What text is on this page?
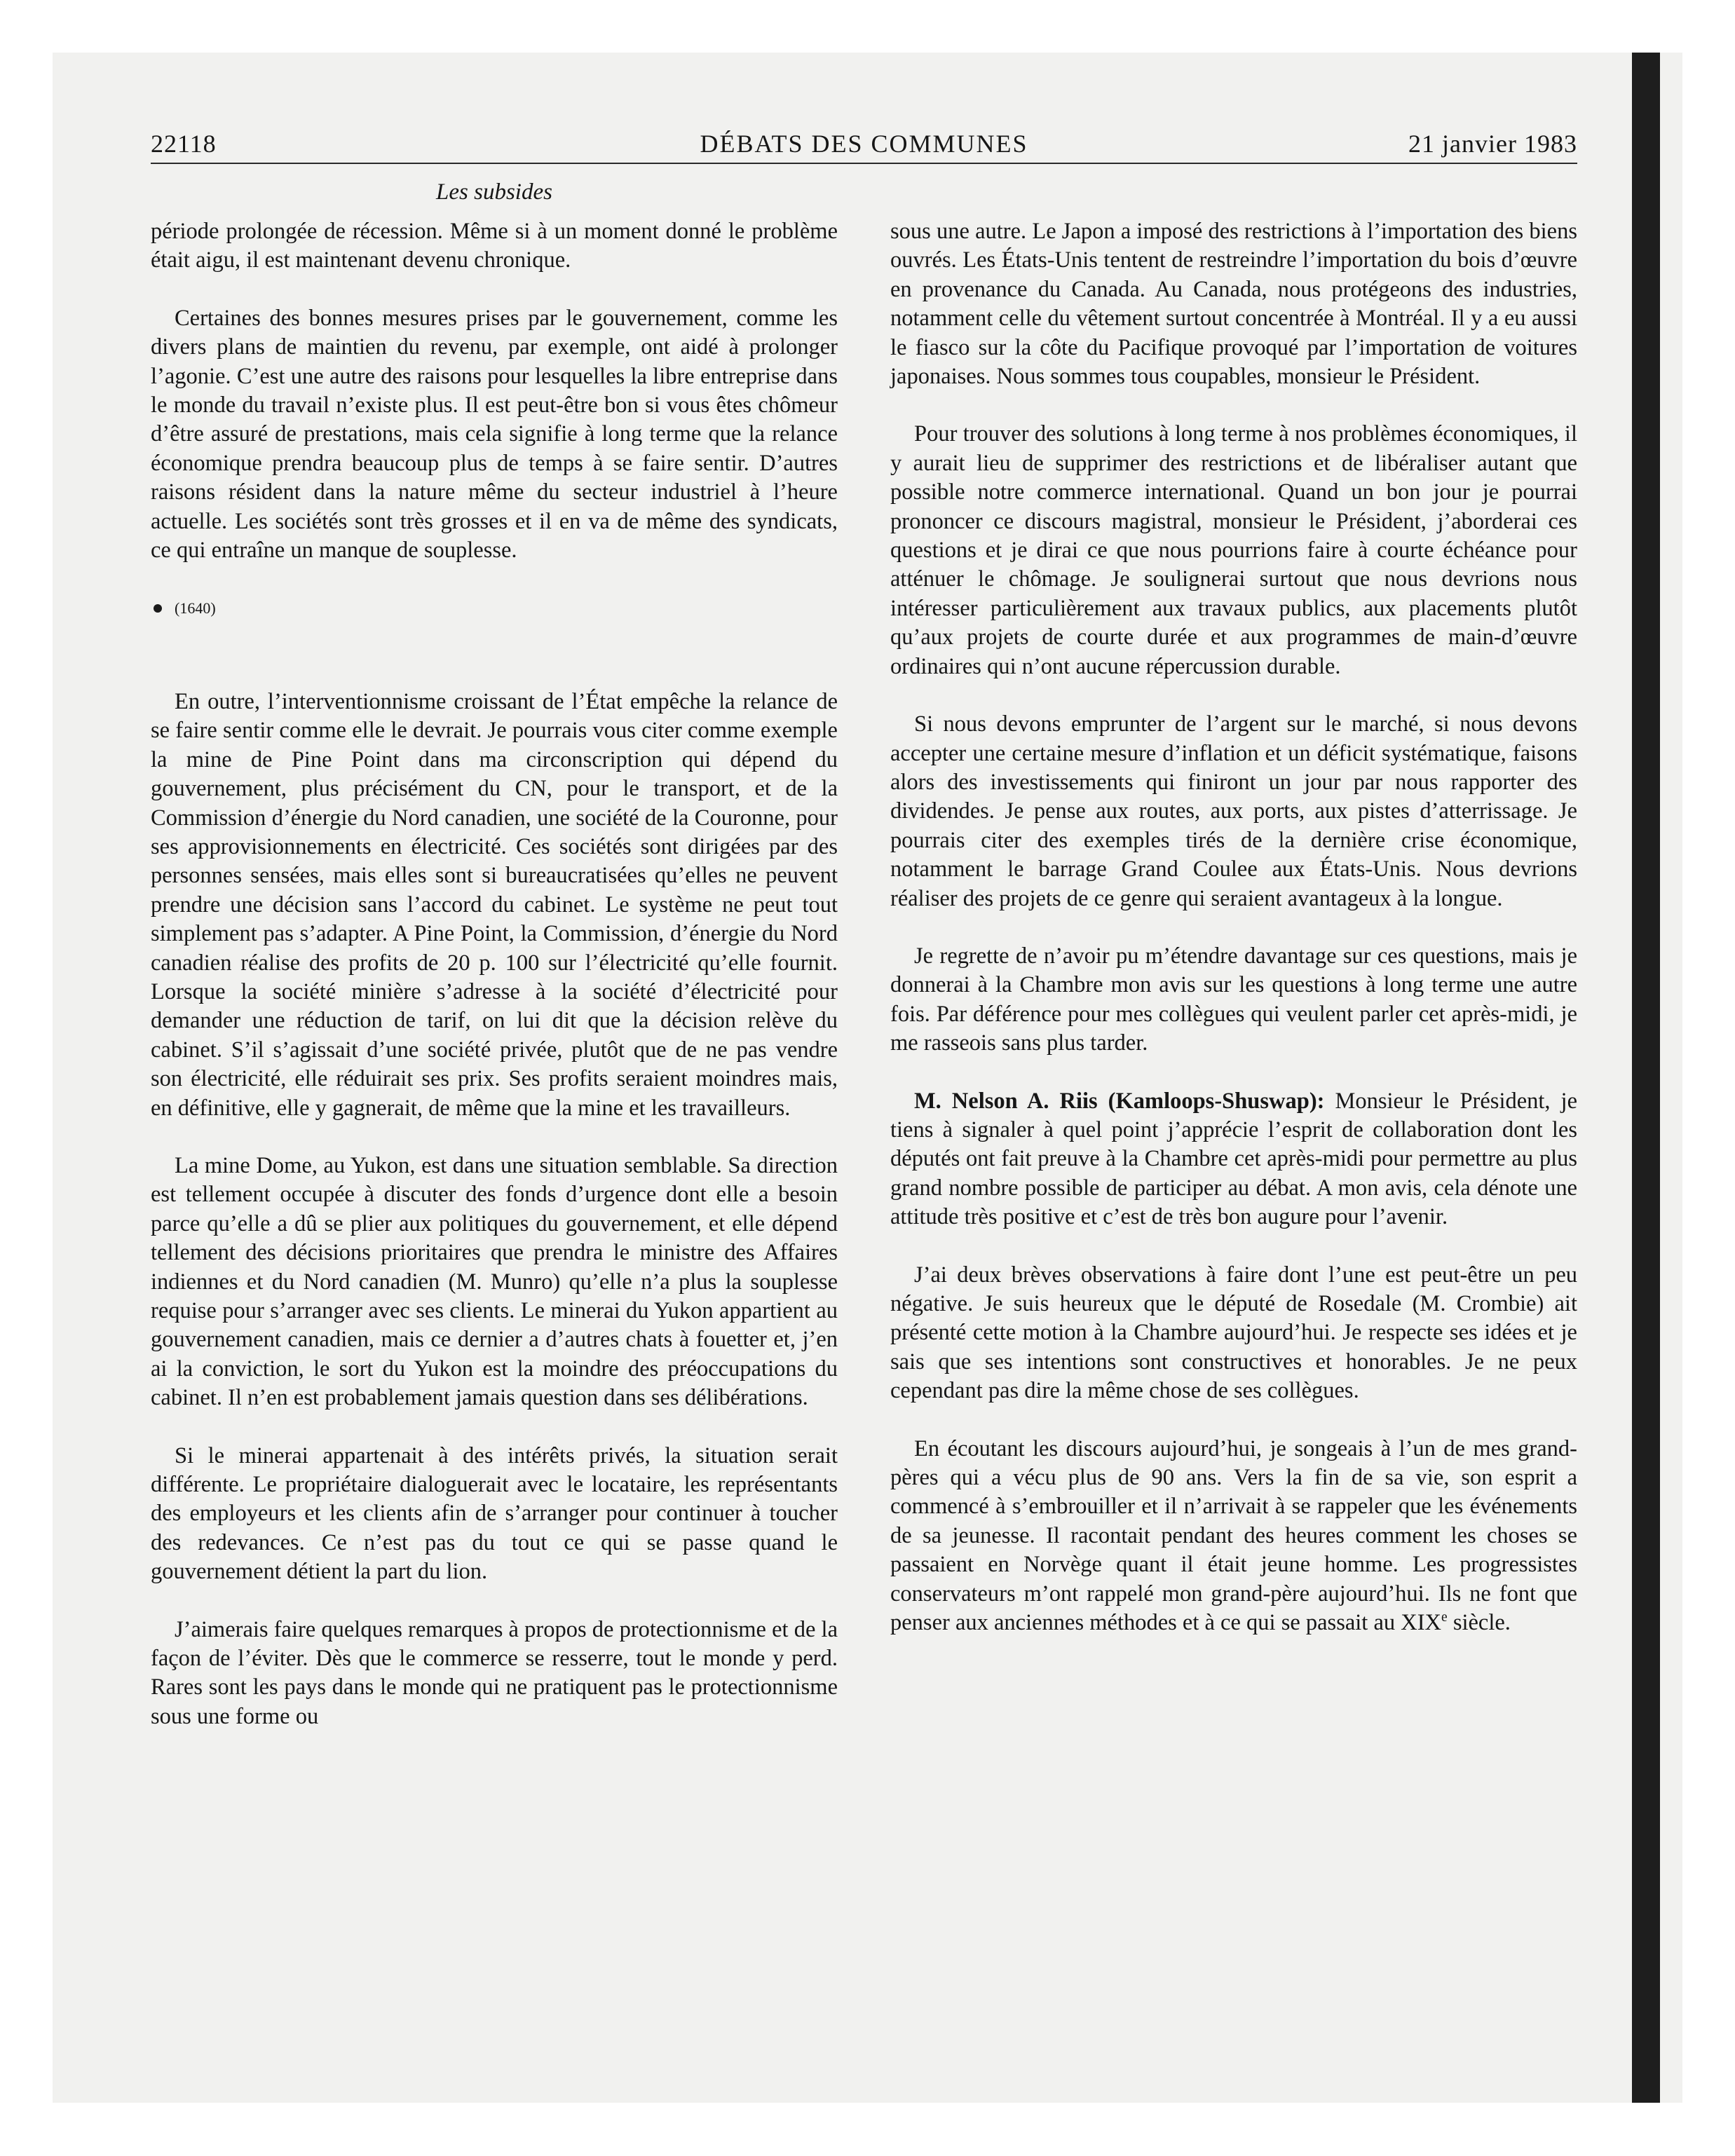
22118	DÉBATS DES COMMUNES	21 janvier 1983
Les subsides

période prolongée de récession. Même si à un moment donné le problème était aigu, il est maintenant devenu chronique.

Certaines des bonnes mesures prises par le gouvernement, comme les divers plans de maintien du revenu, par exemple, ont aidé à prolonger l’agonie. C’est une autre des raisons pour lesquelles la libre entreprise dans le monde du travail n’existe plus. Il est peut-être bon si vous êtes chômeur d’être assuré de prestations, mais cela signifie à long terme que la relance économique prendra beaucoup plus de temps à se faire sentir. D’autres raisons résident dans la nature même du secteur industriel à l’heure actuelle. Les sociétés sont très grosses et il en va de même des syndicats, ce qui entraîne un manque de souplesse.

(1640)

En outre, l’interventionnisme croissant de l’État empêche la relance de se faire sentir comme elle le devrait. Je pourrais vous citer comme exemple la mine de Pine Point dans ma circonscription qui dépend du gouvernement, plus précisément du CN, pour le transport, et de la Commission d’énergie du Nord canadien, une société de la Couronne, pour ses approvisionnements en électricité. Ces sociétés sont dirigées par des personnes sensées, mais elles sont si bureaucratisées qu’elles ne peuvent prendre une décision sans l’accord du cabinet. Le système ne peut tout simplement pas s’adapter. A Pine Point, la Commission, d’énergie du Nord canadien réalise des profits de 20 p. 100 sur l’électricité qu’elle fournit. Lorsque la société minière s’adresse à la société d’électricité pour demander une réduction de tarif, on lui dit que la décision relève du cabinet. S’il s’agissait d’une société privée, plutôt que de ne pas vendre son électricité, elle réduirait ses prix. Ses profits seraient moindres mais, en définitive, elle y gagnerait, de même que la mine et les travailleurs.

La mine Dome, au Yukon, est dans une situation semblable. Sa direction est tellement occupée à discuter des fonds d’urgence dont elle a besoin parce qu’elle a dû se plier aux politiques du gouvernement, et elle dépend tellement des décisions prioritaires que prendra le ministre des Affaires indiennes et du Nord canadien (M. Munro) qu’elle n’a plus la souplesse requise pour s’arranger avec ses clients. Le minerai du Yukon appartient au gouvernement canadien, mais ce dernier a d’autres chats à fouetter et, j’en ai la conviction, le sort du Yukon est la moindre des préoccupations du cabinet. Il n’en est probablement jamais question dans ses délibérations.

Si le minerai appartenait à des intérêts privés, la situation serait différente. Le propriétaire dialoguerait avec le locataire, les représentants des employeurs et les clients afin de s’arranger pour continuer à toucher des redevances. Ce n’est pas du tout ce qui se passe quand le gouvernement détient la part du lion.

J’aimerais faire quelques remarques à propos de protectionnisme et de la façon de l’éviter. Dès que le commerce se resserre, tout le monde y perd. Rares sont les pays dans le monde qui ne pratiquent pas le protectionnisme sous une forme ou

sous une autre. Le Japon a imposé des restrictions à l’importation des biens ouvrés. Les États-Unis tentent de restreindre l’importation du bois d’œuvre en provenance du Canada. Au Canada, nous protégeons des industries, notamment celle du vêtement surtout concentrée à Montréal. Il y a eu aussi le fiasco sur la côte du Pacifique provoqué par l’importation de voitures japonaises. Nous sommes tous coupables, monsieur le Président.

Pour trouver des solutions à long terme à nos problèmes économiques, il y aurait lieu de supprimer des restrictions et de libéraliser autant que possible notre commerce international. Quand un bon jour je pourrai prononcer ce discours magistral, monsieur le Président, j’aborderai ces questions et je dirai ce que nous pourrions faire à courte échéance pour atténuer le chômage. Je soulignerai surtout que nous devrions nous intéresser particulièrement aux travaux publics, aux placements plutôt qu’aux projets de courte durée et aux programmes de main-d’œuvre ordinaires qui n’ont aucune répercussion durable.

Si nous devons emprunter de l’argent sur le marché, si nous devons accepter une certaine mesure d’inflation et un déficit systématique, faisons alors des investissements qui finiront un jour par nous rapporter des dividendes. Je pense aux routes, aux ports, aux pistes d’atterrissage. Je pourrais citer des exemples tirés de la dernière crise économique, notamment le barrage Grand Coulee aux États-Unis. Nous devrions réaliser des projets de ce genre qui seraient avantageux à la longue.

Je regrette de n’avoir pu m’étendre davantage sur ces questions, mais je donnerai à la Chambre mon avis sur les questions à long terme une autre fois. Par déférence pour mes collègues qui veulent parler cet après-midi, je me rasseois sans plus tarder.

M. Nelson A. Riis (Kamloops-Shuswap): Monsieur le Président, je tiens à signaler à quel point j’apprécie l’esprit de collaboration dont les députés ont fait preuve à la Chambre cet après-midi pour permettre au plus grand nombre possible de participer au débat. A mon avis, cela dénote une attitude très positive et c’est de très bon augure pour l’avenir.

J’ai deux brèves observations à faire dont l’une est peut-être un peu négative. Je suis heureux que le député de Rosedale (M. Crombie) ait présenté cette motion à la Chambre aujourd’hui. Je respecte ses idées et je sais que ses intentions sont constructives et honorables. Je ne peux cependant pas dire la même chose de ses collègues.

En écoutant les discours aujourd’hui, je songeais à l’un de mes grand-pères qui a vécu plus de 90 ans. Vers la fin de sa vie, son esprit a commencé à s’embrouiller et il n’arrivait à se rappeler que les événements de sa jeunesse. Il racontait pendant des heures comment les choses se passaient en Norvège quant il était jeune homme. Les progressistes conservateurs m’ont rappelé mon grand-père aujourd’hui. Ils ne font que penser aux anciennes méthodes et à ce qui se passait au XIXe siècle.
